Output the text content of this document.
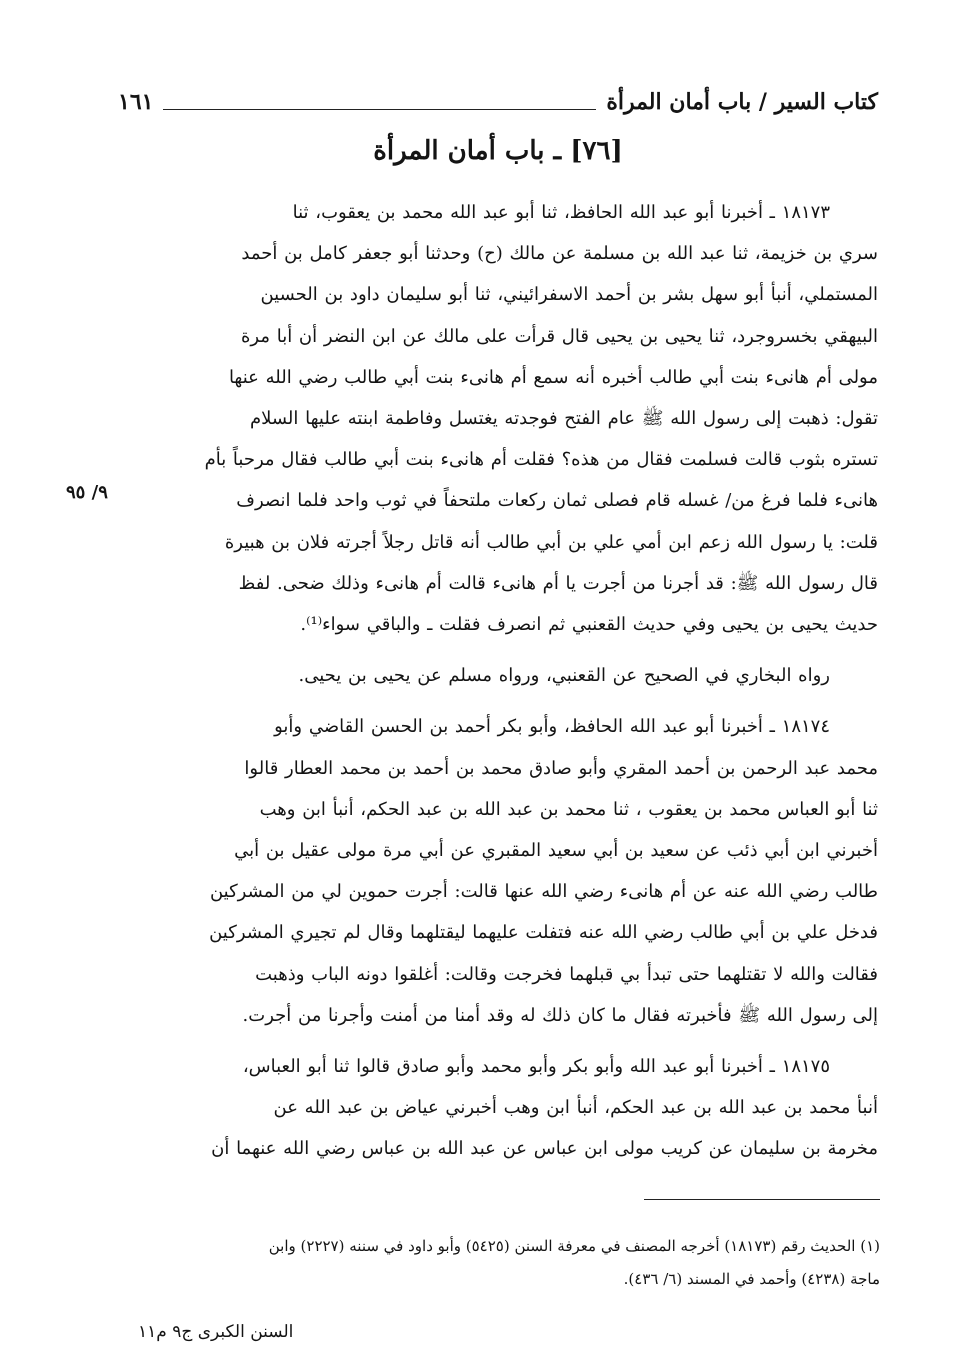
كتاب السير / باب أمان المرأة
١٦١
[٧٦] ـ باب أمان المرأة

١٨١٧٣ ـ أخبرنا أبو عبد الله الحافظ، ثنا أبو عبد الله محمد بن يعقوب، ثنا
سري بن خزيمة، ثنا عبد الله بن مسلمة عن مالك (ح) وحدثنا أبو جعفر كامل بن أحمد
المستملي، أنبأ أبو سهل بشر بن أحمد الاسفرائيني، ثنا أبو سليمان داود بن الحسين
البيهقي بخسروجرد، ثنا يحيى بن يحيى قال قرأت على مالك عن ابن النضر أن أبا مرة
مولى أم هانىء بنت أبي طالب أخبره أنه سمع أم هانىء بنت أبي طالب رضي الله عنها
تقول: ذهبت إلى رسول الله ﷺ عام الفتح فوجدته يغتسل وفاطمة ابنته عليها السلام
تستره بثوب قالت فسلمت فقال من هذه؟ فقلت أم هانىء بنت أبي طالب فقال مرحباً بأم
هانىء فلما فرغ من/ غسله قام فصلى ثمان ركعات ملتحفاً في ثوب واحد فلما انصرف
قلت: يا رسول الله زعم ابن أمي علي بن أبي طالب أنه قاتل رجلاً أجرته فلان بن هبيرة
قال رسول الله ﷺ: قد أجرنا من أجرت يا أم هانىء قالت أم هانىء وذلك ضحى. لفظ
حديث يحيى بن يحيى وفي حديث القعنبي ثم انصرف فقلت ـ والباقي سواء⁽¹⁾.

رواه البخاري في الصحيح عن القعنبي، ورواه مسلم عن يحيى بن يحيى.

١٨١٧٤ ـ أخبرنا أبو عبد الله الحافظ، وأبو بكر أحمد بن الحسن القاضي وأبو
محمد عبد الرحمن بن أحمد المقري وأبو صادق محمد بن أحمد بن محمد العطار قالوا
ثنا أبو العباس محمد بن يعقوب ، ثنا محمد بن عبد الله بن عبد الحكم، أنبأ ابن وهب
أخبرني ابن أبي ذئب عن سعيد بن أبي سعيد المقبري عن أبي مرة مولى عقيل بن أبي
طالب رضي الله عنه عن أم هانىء رضي الله عنها قالت: أجرت حموين لي من المشركين
فدخل علي بن أبي طالب رضي الله عنه فتفلت عليهما ليقتلهما وقال لم تجيري المشركين
فقالت والله لا تقتلهما حتى تبدأ بي قبلهما فخرجت وقالت: أغلقوا دونه الباب وذهبت
إلى رسول الله ﷺ فأخبرته فقال ما كان ذلك له وقد أمنا من أمنت وأجرنا من أجرت.

١٨١٧٥ ـ أخبرنا أبو عبد الله وأبو بكر وأبو محمد وأبو صادق قالوا ثنا أبو العباس،
أنبأ محمد بن عبد الله بن عبد الحكم، أنبأ ابن وهب أخبرني عياض بن عبد الله عن
مخرمة بن سليمان عن كريب مولى ابن عباس عن عبد الله بن عباس رضي الله عنهما أن

٩/ ٩٥

(١) الحديث رقم (١٨١٧٣) أخرجه المصنف في معرفة السنن (٥٤٢٥) وأبو داود في سننه (٢٢٢٧) وابن
ماجة (٤٢٣٨) وأحمد في المسند (٦/ ٤٣٦).

السنن الكبرى ج٩ م١١
